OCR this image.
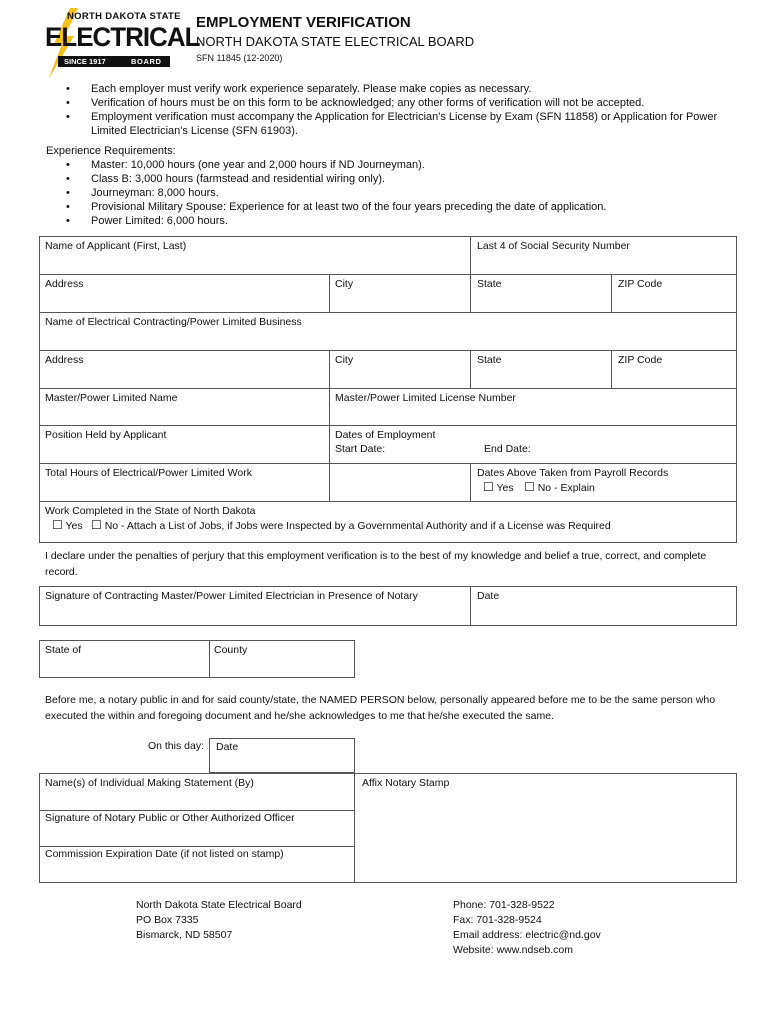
NORTH DAKOTA STATE
ELECTRICAL
SINCE 1917	BOARD
EMPLOYMENT VERIFICATION
NORTH DAKOTA STATE ELECTRICAL BOARD
SFN 11845 (12-2020)
• Each employer must verify work experience separately. Please make copies as necessary.
• Verification of hours must be on this form to be acknowledged; any other forms of verification will not be accepted.
• Employment verification must accompany the Application for Electrician's License by Exam (SFN 11858) or Application for Power Limited Electrician's License (SFN 61903).
Experience Requirements:
• Master: 10,000 hours (one year and 2,000 hours if ND Journeyman).
• Class B: 3,000 hours (farmstead and residential wiring only).
• Journeyman: 8,000 hours.
• Provisional Military Spouse: Experience for at least two of the four years preceding the date of application.
• Power Limited: 6,000 hours.
Name of Applicant (First, Last)	Last 4 of Social Security Number
Address	City	State	ZIP Code
Name of Electrical Contracting/Power Limited Business
Address	City	State	ZIP Code
Master/Power Limited Name	Master/Power Limited License Number
Position Held by Applicant	Dates of Employment
Start Date:	End Date:
Total Hours of Electrical/Power Limited Work	Dates Above Taken from Payroll Records
☐ Yes ☐ No - Explain
Work Completed in the State of North Dakota
☐ Yes ☐ No - Attach a List of Jobs, if Jobs were Inspected by a Governmental Authority and if a License was Required
I declare under the penalties of perjury that this employment verification is to the best of my knowledge and belief a true, correct, and complete record.
Signature of Contracting Master/Power Limited Electrician in Presence of Notary	Date
State of	County
Before me, a notary public in and for said county/state, the NAMED PERSON below, personally appeared before me to be the same person who executed the within and foregoing document and he/she acknowledges to me that he/she executed the same.
On this day: Date
Name(s) of Individual Making Statement (By)	Affix Notary Stamp
Signature of Notary Public or Other Authorized Officer
Commission Expiration Date (if not listed on stamp)
North Dakota State Electrical Board
PO Box 7335
Bismarck, ND 58507
Phone: 701-328-9522
Fax: 701-328-9524
Email address: electric@nd.gov
Website: www.ndseb.com
